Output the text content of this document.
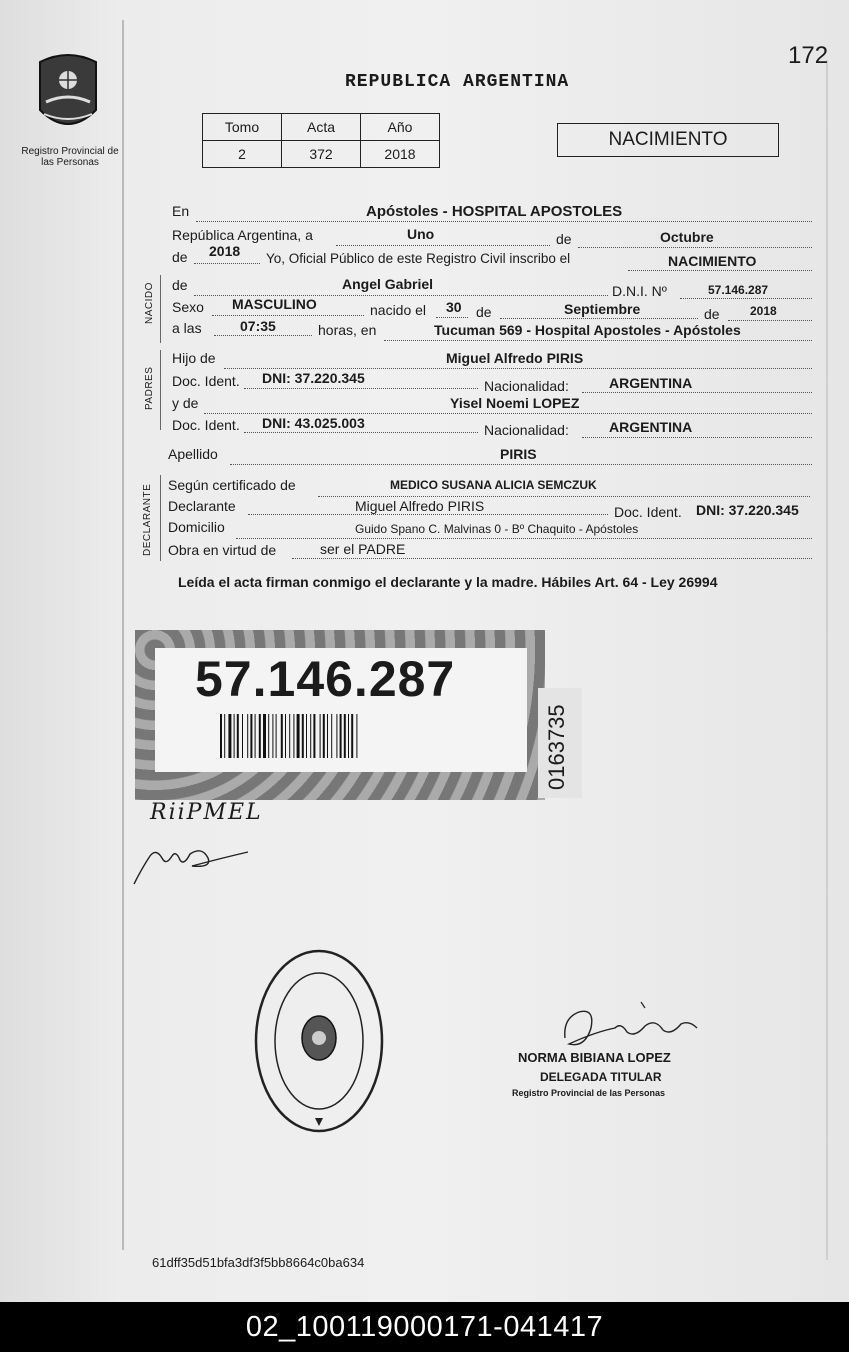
172
Registro Provincial de las Personas
REPUBLICA ARGENTINA
Tomo	Acta	Año
2	372	2018
NACIMIENTO
En	Apóstoles - HOSPITAL APOSTOLES
República Argentina, a	Uno	de	Octubre
de 2018 Yo, Oficial Público de este Registro Civil inscribo el	NACIMIENTO
NACIDO de	Angel Gabriel	D.N.I. Nº	57.146.287
Sexo MASCULINO	nacido el 30 de	Septiembre	de	2018
a las	07:35	horas, en	Tucuman 569 - Hospital Apostoles - Apóstoles
PADRES
Hijo de	Miguel Alfredo PIRIS
Doc. Ident. DNI: 37.220.345	Nacionalidad:	ARGENTINA
y de	Yisel Noemi LOPEZ
Doc. Ident. DNI: 43.025.003	Nacionalidad:	ARGENTINA
Apellido	PIRIS
DECLARANTE Según certificado de	MEDICO SUSANA ALICIA SEMCZUK
Declarante	Miguel Alfredo PIRIS	Doc. Ident. DNI: 37.220.345
Domicilio	Guido Spano C. Malvinas 0 - Bº Chaquito - Apóstoles
Obra en virtud de	ser el PADRE
Leída el acta firman conmigo el declarante y la madre. Hábiles Art. 64 - Ley 26994
57.146.287
0163735
RiiPMEL
NORMA BIBIANA LOPEZ
DELEGADA TITULAR
Registro Provincial de las Personas
61dff35d51bfa3df3f5bb8664c0ba634
02_100119000171-041417
